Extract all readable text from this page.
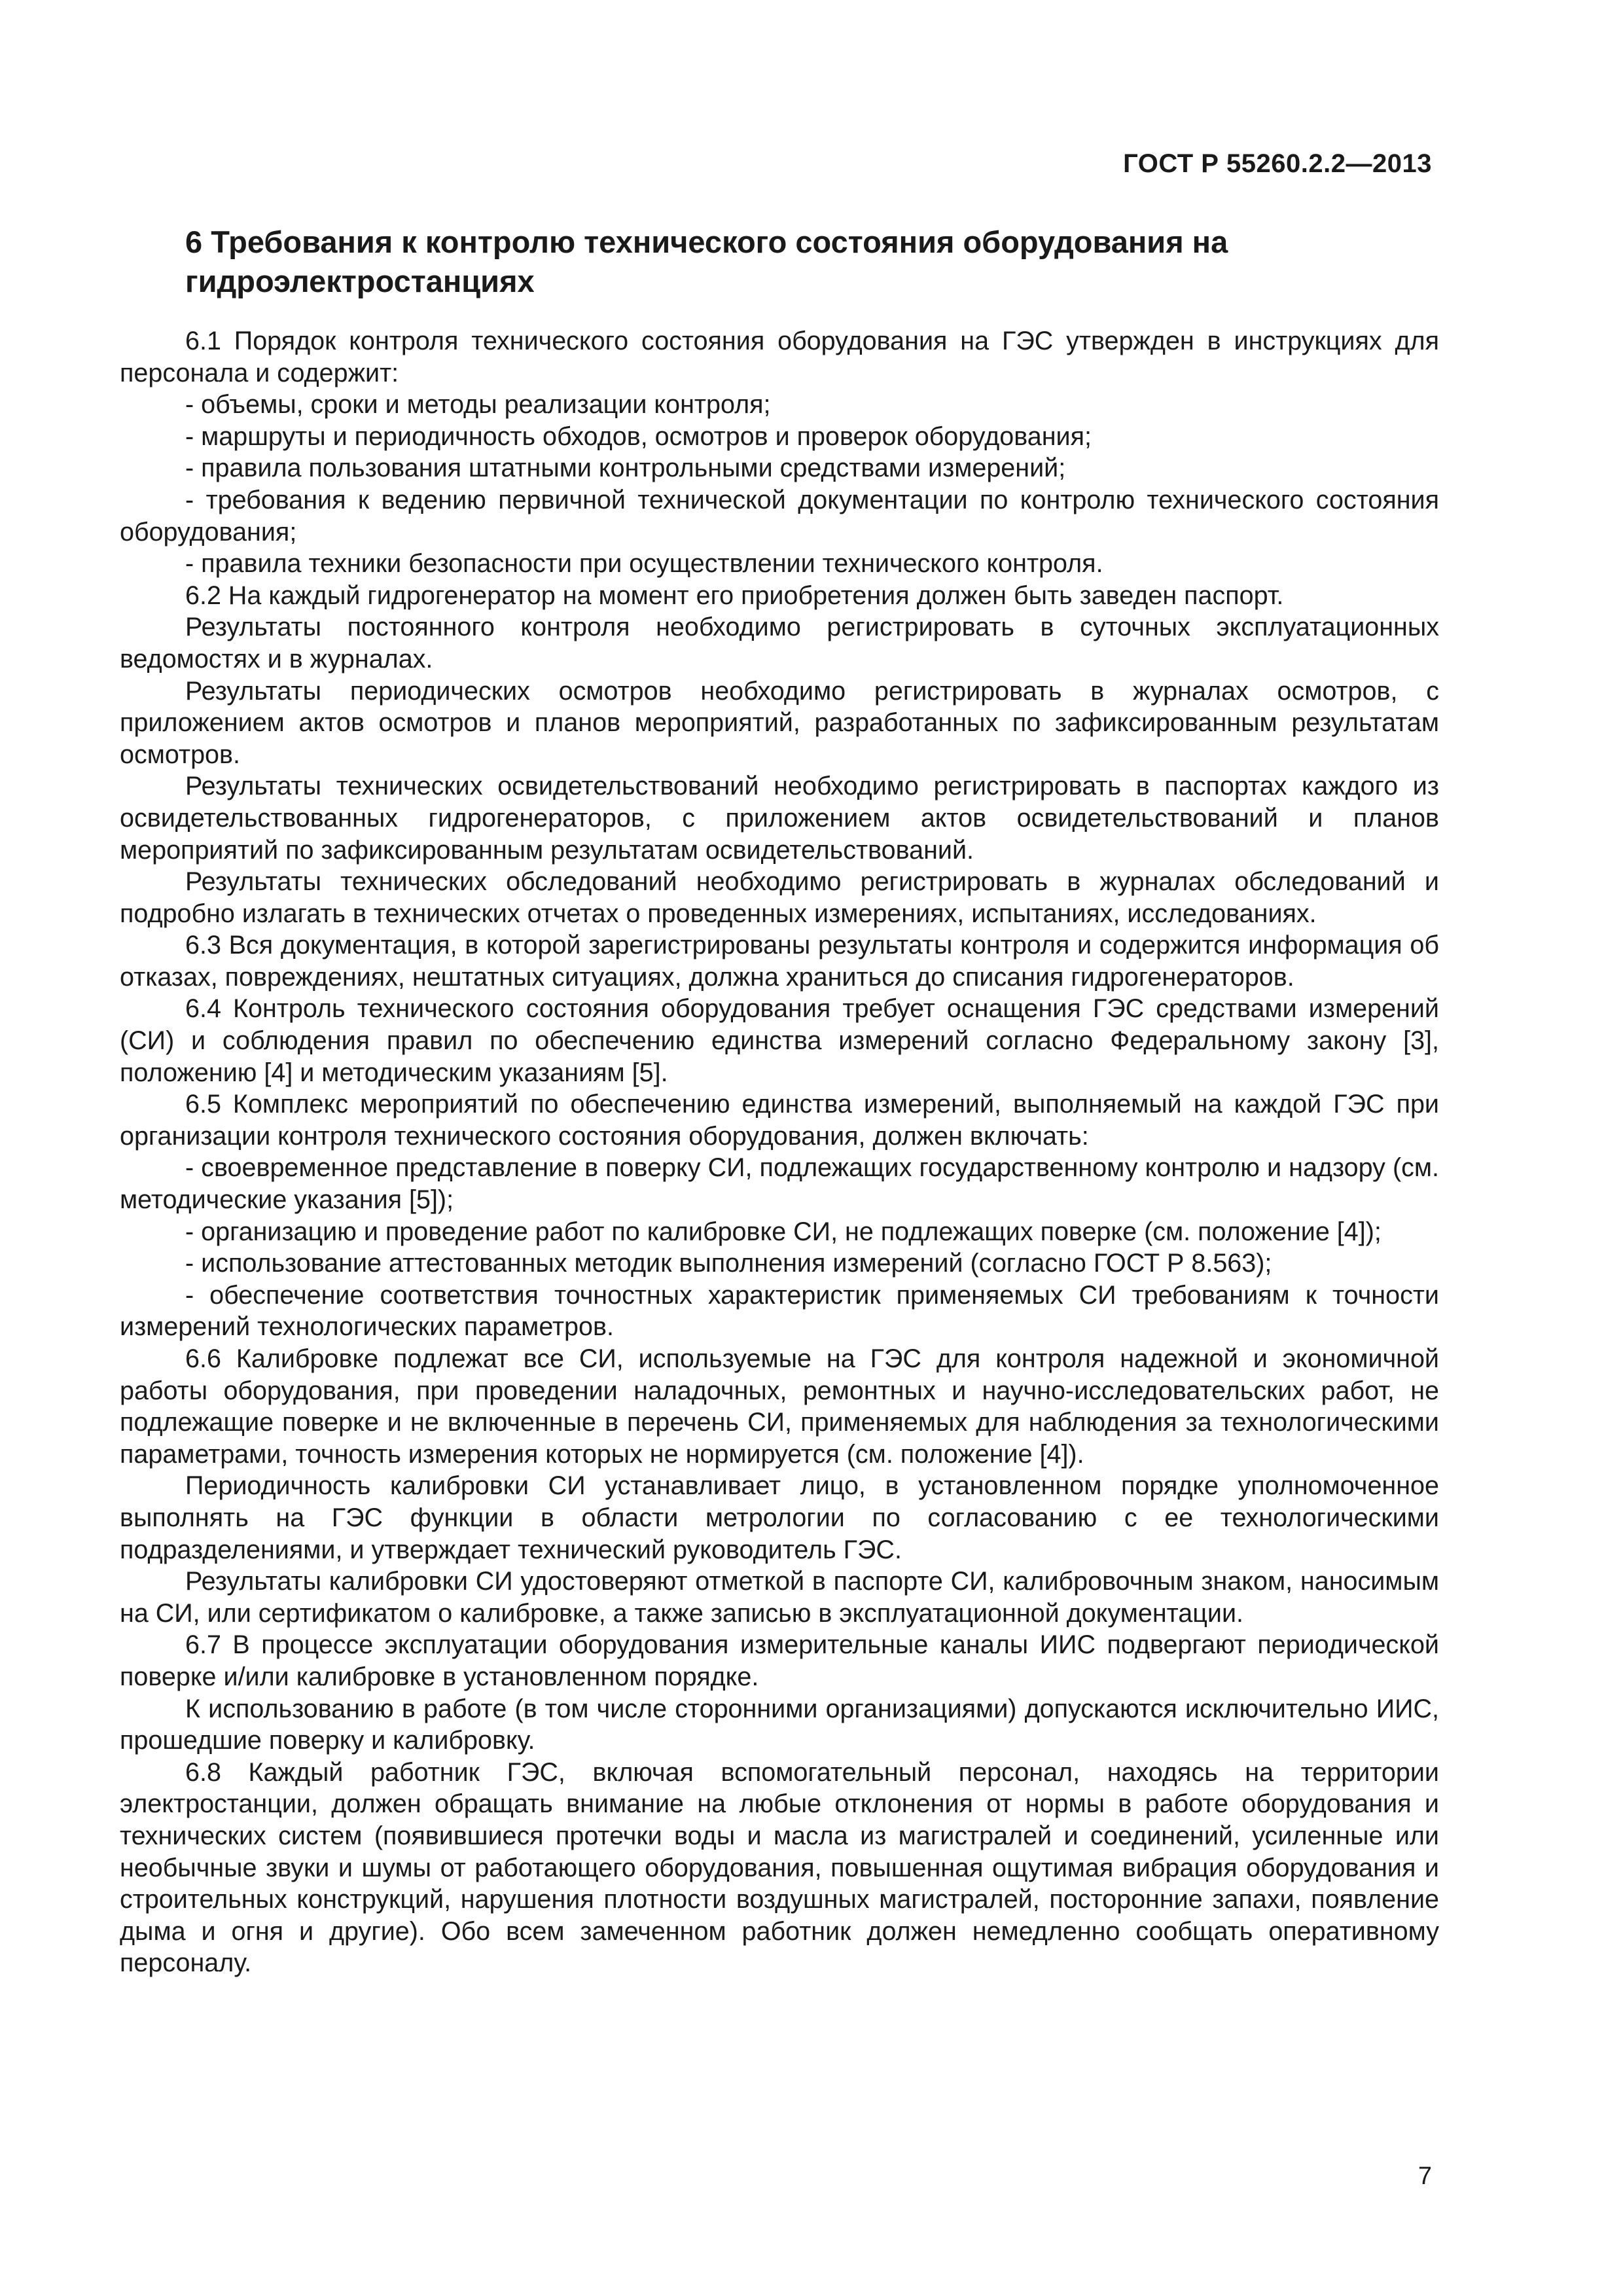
ГОСТ Р 55260.2.2—2013
6 Требования к контролю технического состояния оборудования на гидроэлектростанциях

6.1 Порядок контроля технического состояния оборудования на ГЭС утвержден в инструкциях для персонала и содержит:

- объемы, сроки и методы реализации контроля;

- маршруты и периодичность обходов, осмотров и проверок оборудования;

- правила пользования штатными контрольными средствами измерений;

- требования к ведению первичной технической документации по контролю технического состояния оборудования;

- правила техники безопасности при осуществлении технического контроля.

6.2 На каждый гидрогенератор на момент его приобретения должен быть заведен паспорт.

Результаты постоянного контроля необходимо регистрировать в суточных эксплуатационных ведомостях и в журналах.

Результаты периодических осмотров необходимо регистрировать в журналах осмотров, с приложением актов осмотров и планов мероприятий, разработанных по зафиксированным результатам осмотров.

Результаты технических освидетельствований необходимо регистрировать в паспортах каждого из освидетельствованных гидрогенераторов, с приложением актов освидетельствований и планов мероприятий по зафиксированным результатам освидетельствований.

Результаты технических обследований необходимо регистрировать в журналах обследований и подробно излагать в технических отчетах о проведенных измерениях, испытаниях, исследованиях.

6.3 Вся документация, в которой зарегистрированы результаты контроля и содержится информация об отказах, повреждениях, нештатных ситуациях, должна храниться до списания гидрогенераторов.

6.4 Контроль технического состояния оборудования требует оснащения ГЭС средствами измерений (СИ) и соблюдения правил по обеспечению единства измерений согласно Федеральному закону [3], положению [4] и методическим указаниям [5].

6.5 Комплекс мероприятий по обеспечению единства измерений, выполняемый на каждой ГЭС при организации контроля технического состояния оборудования, должен включать:

- своевременное представление в поверку СИ, подлежащих государственному контролю и надзору (см. методические указания [5]);

- организацию и проведение работ по калибровке СИ, не подлежащих поверке (см. положение [4]);

- использование аттестованных методик выполнения измерений (согласно ГОСТ Р 8.563);

- обеспечение соответствия точностных характеристик применяемых СИ требованиям к точности измерений технологических параметров.

6.6 Калибровке подлежат все СИ, используемые на ГЭС для контроля надежной и экономичной работы оборудования, при проведении наладочных, ремонтных и научно-исследовательских работ, не подлежащие поверке и не включенные в перечень СИ, применяемых для наблюдения за технологическими параметрами, точность измерения которых не нормируется (см. положение [4]).

Периодичность калибровки СИ устанавливает лицо, в установленном порядке уполномоченное выполнять на ГЭС функции в области метрологии по согласованию с ее технологическими подразделениями, и утверждает технический руководитель ГЭС.

Результаты калибровки СИ удостоверяют отметкой в паспорте СИ, калибровочным знаком, наносимым на СИ, или сертификатом о калибровке, а также записью в эксплуатационной документации.

6.7 В процессе эксплуатации оборудования измерительные каналы ИИС подвергают периодической поверке и/или калибровке в установленном порядке.

К использованию в работе (в том числе сторонними организациями) допускаются исключительно ИИС, прошедшие поверку и калибровку.

6.8 Каждый работник ГЭС, включая вспомогательный персонал, находясь на территории электростанции, должен обращать внимание на любые отклонения от нормы в работе оборудования и технических систем (появившиеся протечки воды и масла из магистралей и соединений, усиленные или необычные звуки и шумы от работающего оборудования, повышенная ощутимая вибрация оборудования и строительных конструкций, нарушения плотности воздушных магистралей, посторонние запахи, появление дыма и огня и другие). Обо всем замеченном работник должен немедленно сообщать оперативному персоналу.

7
